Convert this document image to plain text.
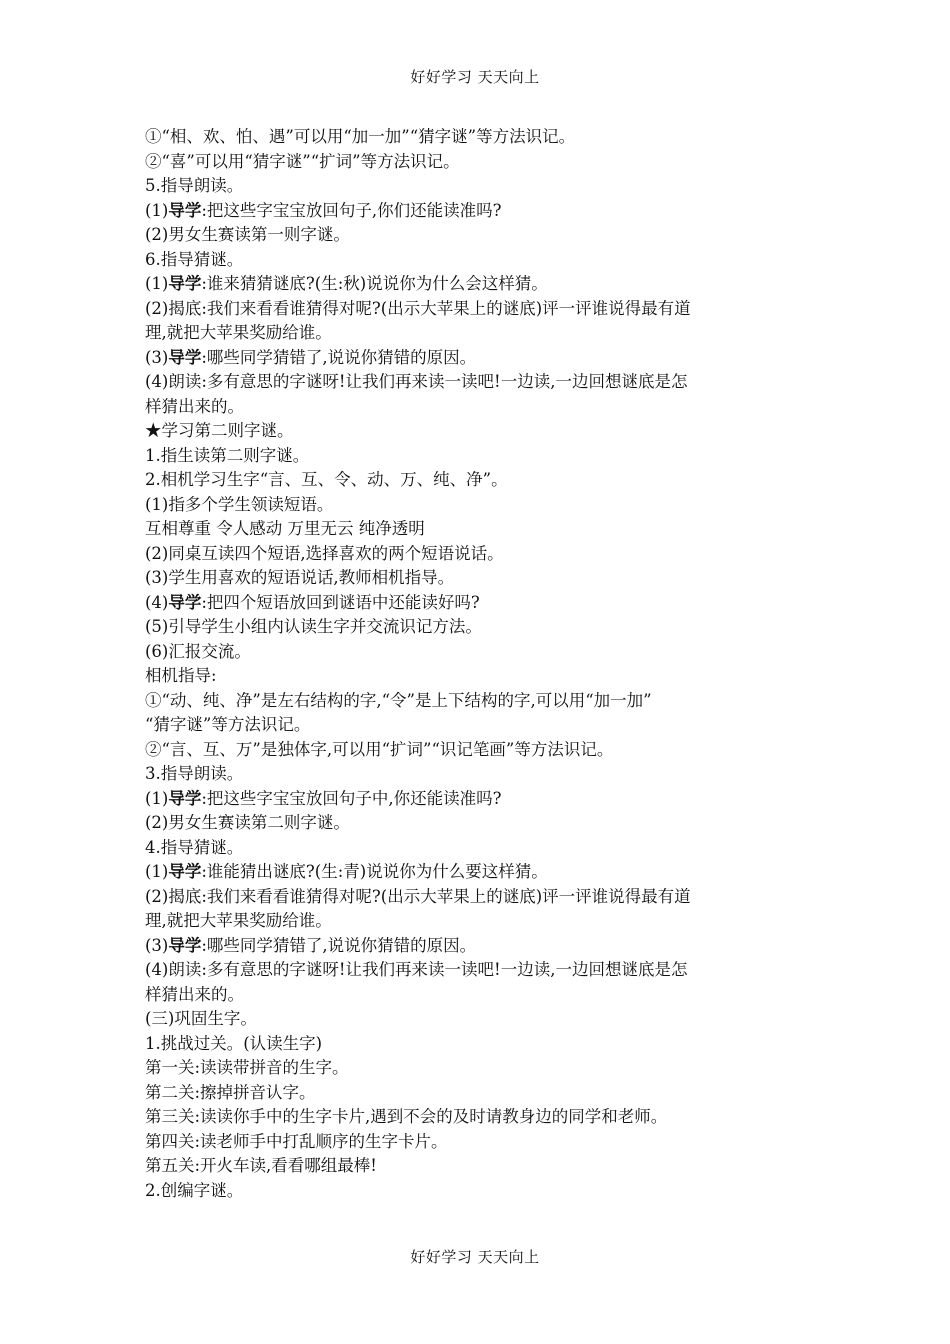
好好学习 天天向上
①“相、欢、怕、遇”可以用“加一加”“猜字谜”等方法识记。
②“喜”可以用“猜字谜”“扩词”等方法识记。
5.指导朗读。
(1)导学:把这些字宝宝放回句子,你们还能读准吗?
(2)男女生赛读第一则字谜。
6.指导猜谜。
(1)导学:谁来猜猜谜底?(生:秋)说说你为什么会这样猜。
(2)揭底:我们来看看谁猜得对呢?(出示大苹果上的谜底)评一评谁说得最有道
理,就把大苹果奖励给谁。
(3)导学:哪些同学猜错了,说说你猜错的原因。
(4)朗读:多有意思的字谜呀!让我们再来读一读吧!一边读,一边回想谜底是怎
样猜出来的。
★学习第二则字谜。
1.指生读第二则字谜。
2.相机学习生字“言、互、令、动、万、纯、净”。
(1)指多个学生领读短语。
互相尊重 令人感动 万里无云 纯净透明
(2)同桌互读四个短语,选择喜欢的两个短语说话。
(3)学生用喜欢的短语说话,教师相机指导。
(4)导学:把四个短语放回到谜语中还能读好吗?
(5)引导学生小组内认读生字并交流识记方法。
(6)汇报交流。
相机指导:
①“动、纯、净”是左右结构的字,“令”是上下结构的字,可以用“加一加”
“猜字谜”等方法识记。
②“言、互、万”是独体字,可以用“扩词”“识记笔画”等方法识记。
3.指导朗读。
(1)导学:把这些字宝宝放回句子中,你还能读准吗?
(2)男女生赛读第二则字谜。
4.指导猜谜。
(1)导学:谁能猜出谜底?(生:青)说说你为什么要这样猜。
(2)揭底:我们来看看谁猜得对呢?(出示大苹果上的谜底)评一评谁说得最有道
理,就把大苹果奖励给谁。
(3)导学:哪些同学猜错了,说说你猜错的原因。
(4)朗读:多有意思的字谜呀!让我们再来读一读吧!一边读,一边回想谜底是怎
样猜出来的。
(三)巩固生字。
1.挑战过关。(认读生字)
第一关:读读带拼音的生字。
第二关:擦掉拼音认字。
第三关:读读你手中的生字卡片,遇到不会的及时请教身边的同学和老师。
第四关:读老师手中打乱顺序的生字卡片。
第五关:开火车读,看看哪组最棒!
2.创编字谜。
好好学习 天天向上
